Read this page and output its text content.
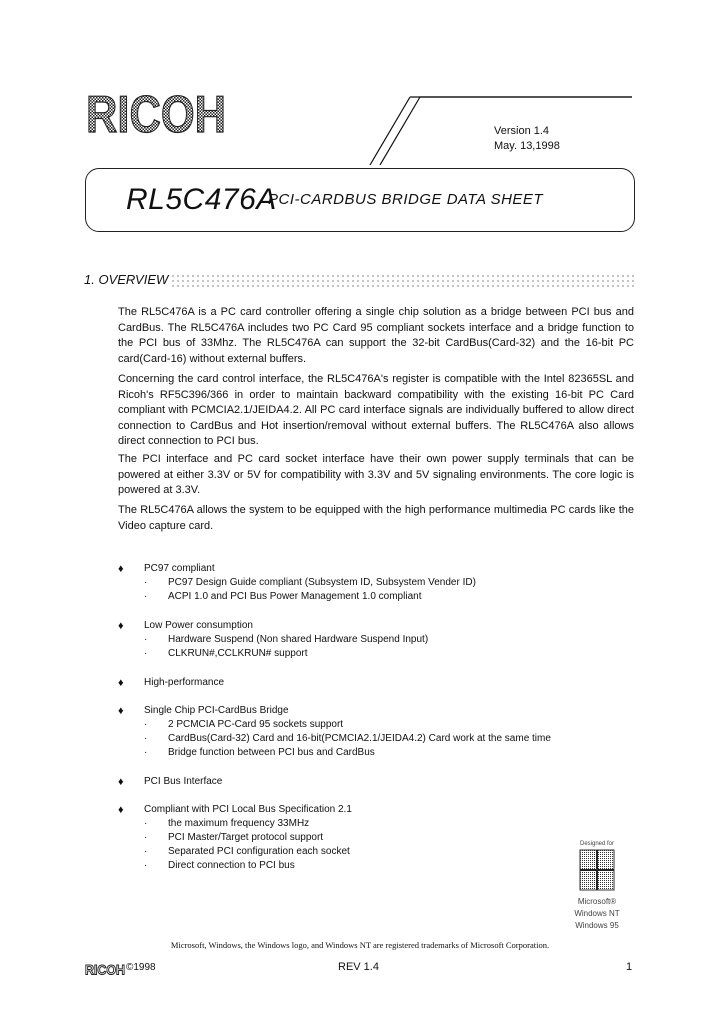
RICOH	Version 1.4
May. 13,1998
RL5C476A
PCI-CARDBUS BRIDGE DATA SHEET
1. OVERVIEW
The RL5C476A is a PC card controller offering a single chip solution as a bridge between PCI bus and CardBus. The RL5C476A includes two PC Card 95 compliant sockets interface and a bridge function to the PCI bus of 33Mhz. The RL5C476A can support the 32-bit CardBus(Card-32) and the 16-bit PC card(Card-16) without external buffers.
Concerning the card control interface, the RL5C476A's register is compatible with the Intel 82365SL and Ricoh's RF5C396/366 in order to maintain backward compatibility with the existing 16-bit PC Card compliant with PCMCIA2.1/JEIDA4.2. All PC card interface signals are individually buffered to allow direct connection to CardBus and Hot insertion/removal without external buffers. The RL5C476A also allows direct connection to PCI bus.
The PCI interface and PC card socket interface have their own power supply terminals that can be powered at either 3.3V or 5V for compatibility with 3.3V and 5V signaling environments. The core logic is powered at 3.3V.
The RL5C476A allows the system to be equipped with the high performance multimedia PC cards like the Video capture card.
♦ PC97 compliant
· PC97 Design Guide compliant (Subsystem ID, Subsystem Vender ID)
· ACPI 1.0 and PCI Bus Power Management 1.0 compliant
♦ Low Power consumption
· Hardware Suspend (Non shared Hardware Suspend Input)
· CLKRUN#,CCLKRUN# support
♦ High-performance
♦ Single Chip PCI-CardBus Bridge
· 2 PCMCIA PC-Card 95 sockets support
· CardBus(Card-32) Card and 16-bit(PCMCIA2.1/JEIDA4.2) Card work at the same time
· Bridge function between PCI bus and CardBus
♦ PCI Bus Interface
♦ Compliant with PCI Local Bus Specification 2.1
· the maximum frequency 33MHz
· PCI Master/Target protocol support
· Separated PCI configuration each socket
· Direct connection to PCI bus
Designed for
Microsoft®
Windows NT
Windows 95
Microsoft, Windows, the Windows logo, and Windows NT are registered trademarks of Microsoft Corporation.
RICOH ©1998	REV 1.4	1
